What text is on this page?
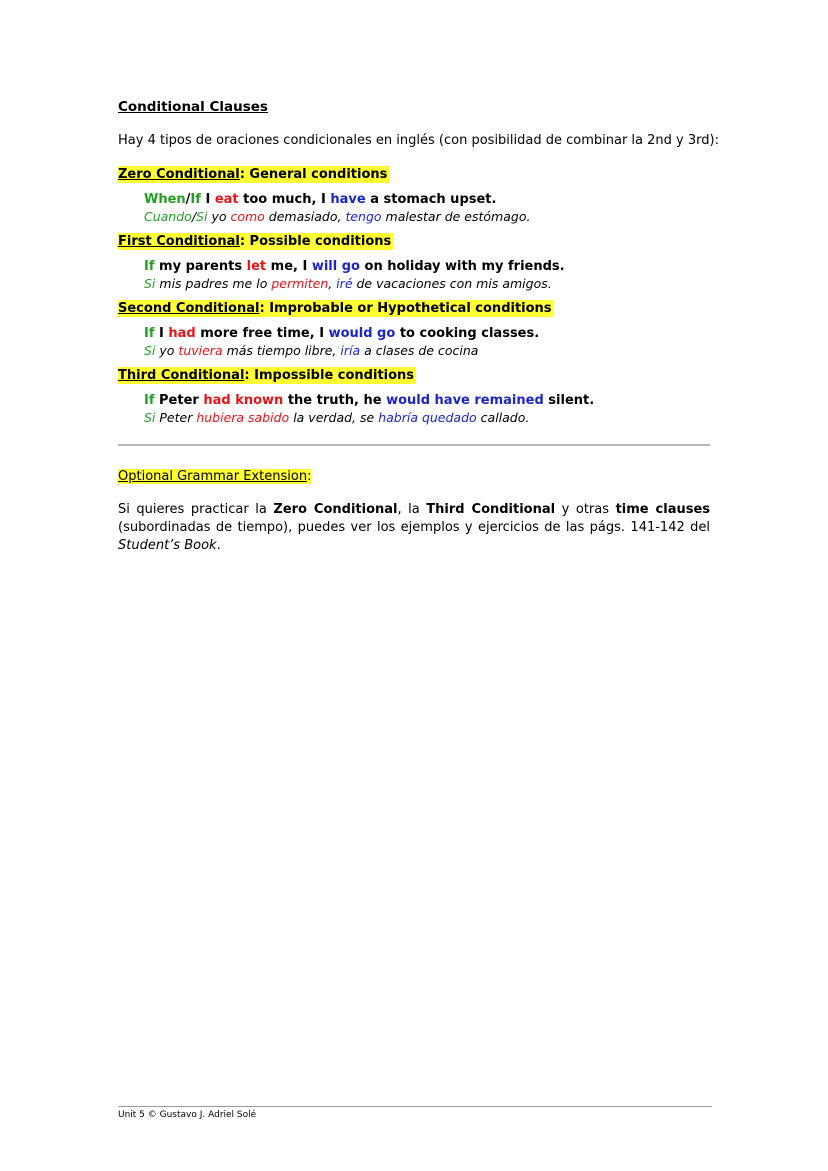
Conditional Clauses

Hay 4 tipos de oraciones condicionales en inglés (con posibilidad de combinar la 2nd y 3rd):

Zero Conditional: General conditions

When/If I eat too much, I have a stomach upset.

Cuando/Si yo como demasiado, tengo malestar de estómago.

First Conditional: Possible conditions

If my parents let me, I will go on holiday with my friends.

Si mis padres me lo permiten, iré de vacaciones con mis amigos.

Second Conditional: Improbable or Hypothetical conditions

If I had more free time, I would go to cooking classes.

Si yo tuviera más tiempo libre, iría a clases de cocina

Third Conditional: Impossible conditions

If Peter had known the truth, he would have remained silent.

Si Peter hubiera sabido la verdad, se habría quedado callado.

Optional Grammar Extension:

Si quieres practicar la Zero Conditional, la Third Conditional y otras time clauses (subordinadas de tiempo), puedes ver los ejemplos y ejercicios de las págs. 141-142 del Student’s Book.

Unit 5 © Gustavo J. Adriel Solé
